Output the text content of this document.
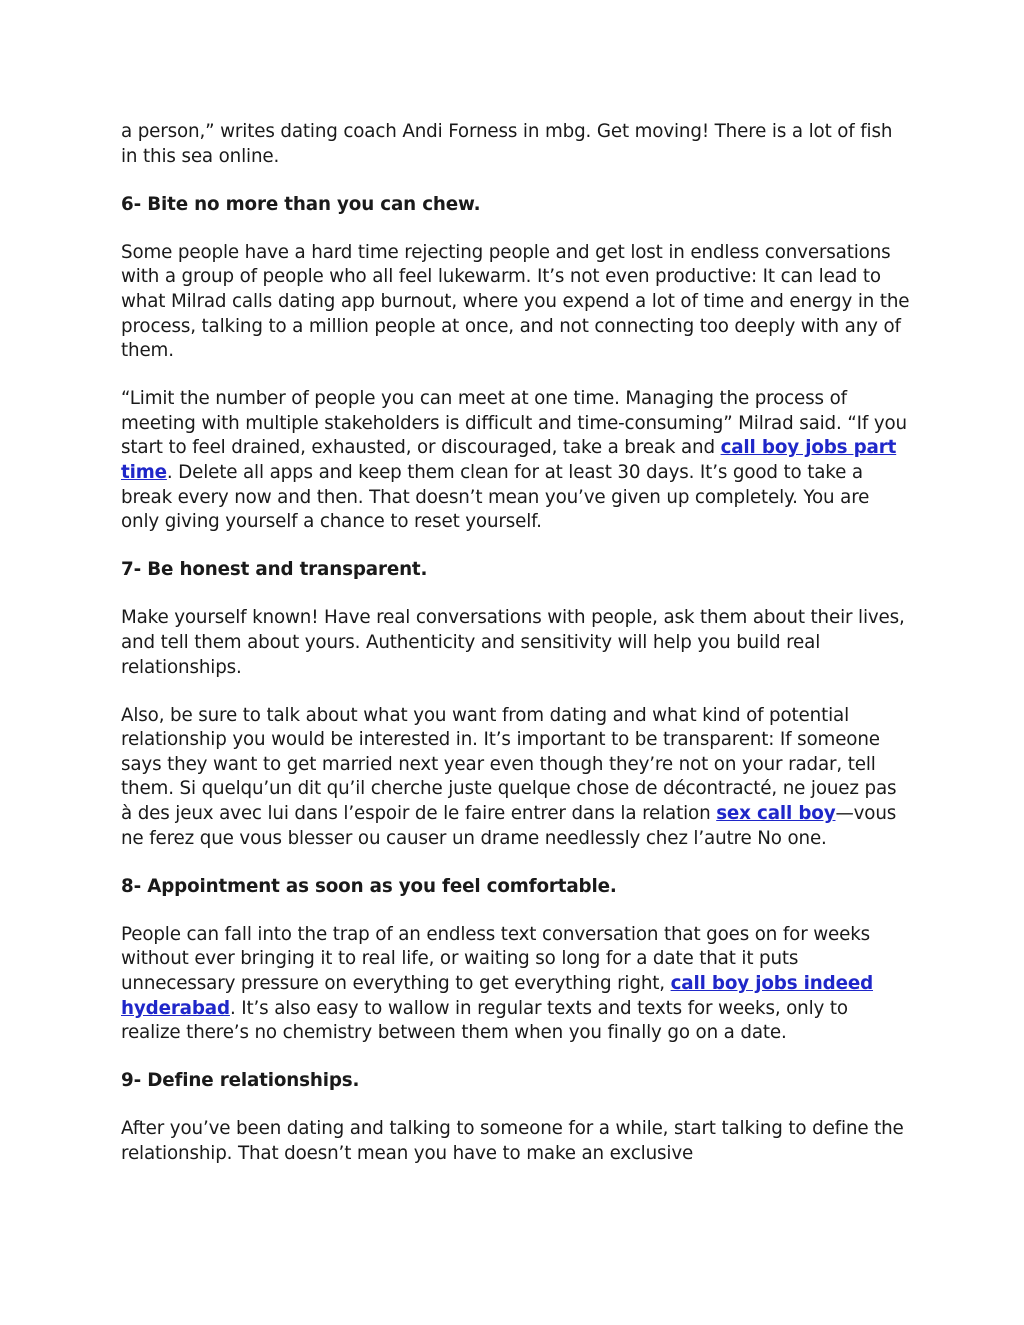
a person,” writes dating coach Andi Forness in mbg. Get moving! There is a lot of fish in this sea online.

6- Bite no more than you can chew.

Some people have a hard time rejecting people and get lost in endless conversations with a group of people who all feel lukewarm. It’s not even productive: It can lead to what Milrad calls dating app burnout, where you expend a lot of time and energy in the process, talking to a million people at once, and not connecting too deeply with any of them.

“Limit the number of people you can meet at one time. Managing the process of meeting with multiple stakeholders is difficult and time-consuming” Milrad said. “If you start to feel drained, exhausted, or discouraged, take a break and call boy jobs part time. Delete all apps and keep them clean for at least 30 days. It’s good to take a break every now and then. That doesn’t mean you’ve given up completely. You are only giving yourself a chance to reset yourself.

7- Be honest and transparent.

Make yourself known! Have real conversations with people, ask them about their lives, and tell them about yours. Authenticity and sensitivity will help you build real relationships.

Also, be sure to talk about what you want from dating and what kind of potential relationship you would be interested in. It’s important to be transparent: If someone says they want to get married next year even though they’re not on your radar, tell them. Si quelqu’un dit qu’il cherche juste quelque chose de décontracté, ne jouez pas à des jeux avec lui dans l’espoir de le faire entrer dans la relation sex call boy—vous ne ferez que vous blesser ou causer un drame needlessly chez l’autre No one.

8- Appointment as soon as you feel comfortable.

People can fall into the trap of an endless text conversation that goes on for weeks without ever bringing it to real life, or waiting so long for a date that it puts unnecessary pressure on everything to get everything right, call boy jobs indeed hyderabad. It’s also easy to wallow in regular texts and texts for weeks, only to realize there’s no chemistry between them when you finally go on a date.

9- Define relationships.

After you’ve been dating and talking to someone for a while, start talking to define the relationship. That doesn’t mean you have to make an exclusive
